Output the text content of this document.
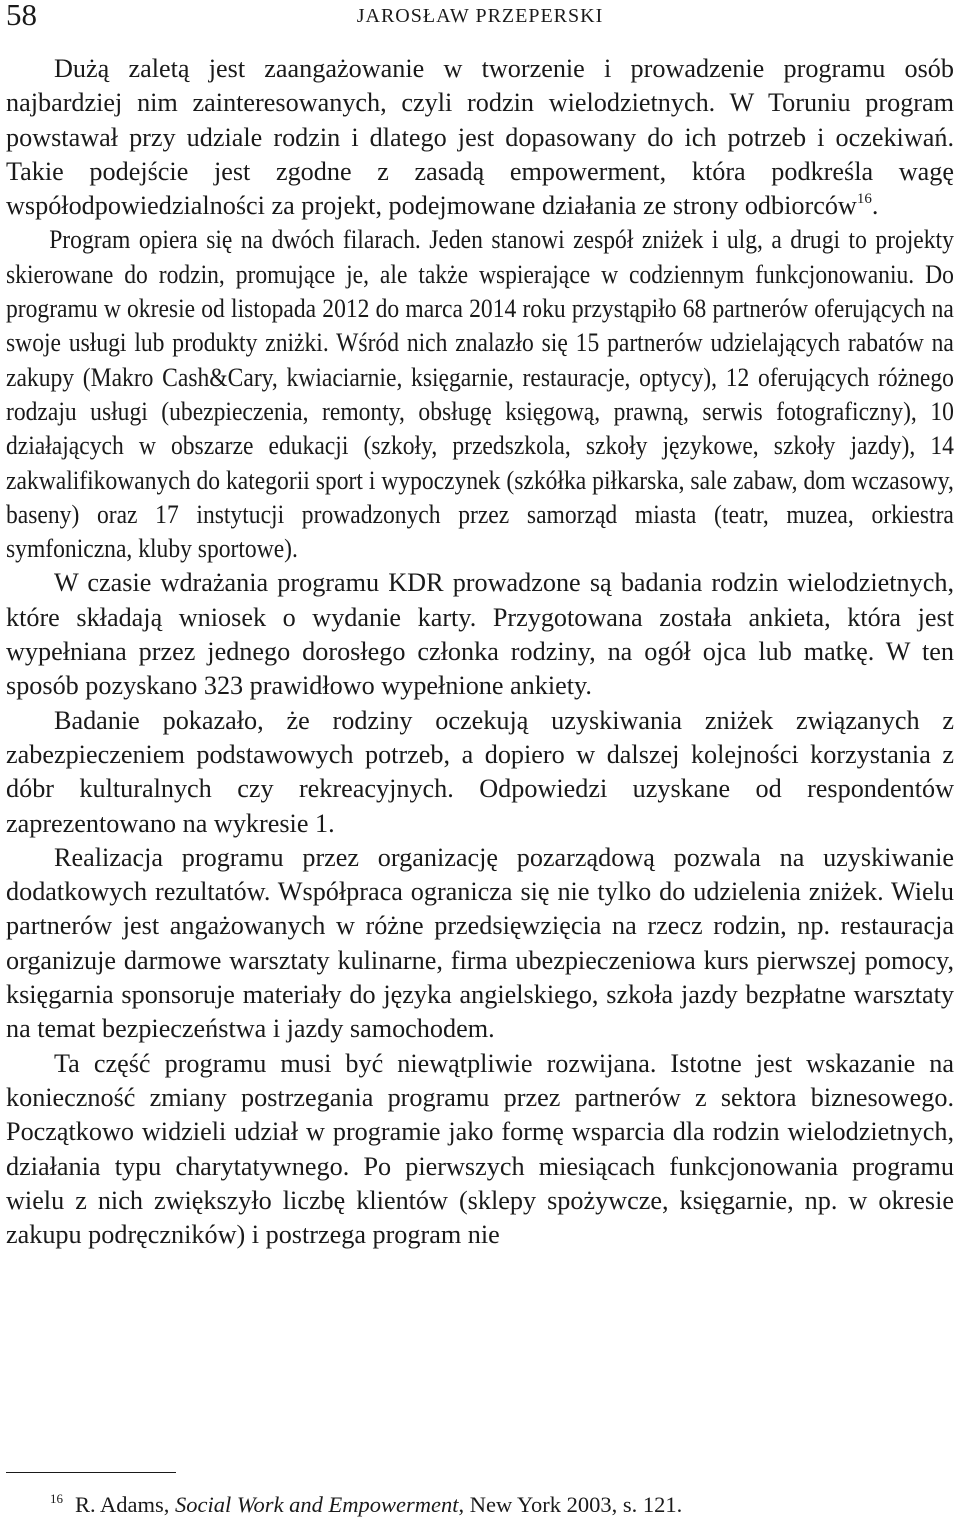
58	JAROSŁAW PRZEPERSKI

Dużą zaletą jest zaangażowanie w tworzenie i prowadzenie programu osób najbardziej nim zainteresowanych, czyli rodzin wielodzietnych. W Toruniu program powstawał przy udziale rodzin i dlatego jest dopasowany do ich potrzeb i oczekiwań. Takie podejście jest zgodne z zasadą empowerment, która podkreśla wagę współodpowiedzialności za projekt, podejmowane działania ze strony odbiorców$^{16}$.

Program opiera się na dwóch filarach. Jeden stanowi zespół zniżek i ulg, a drugi to projekty skierowane do rodzin, promujące je, ale także wspierające w codziennym funkcjonowaniu. Do programu w okresie od listopada 2012 do marca 2014 roku przystąpiło 68 partnerów oferujących na swoje usługi lub produkty zniżki. Wśród nich znalazło się 15 partnerów udzielających rabatów na zakupy (Makro Cash&Cary, kwiaciarnie, księgarnie, restauracje, optycy), 12 oferujących różnego rodzaju usługi (ubezpieczenia, remonty, obsługę księgową, prawną, serwis fotograficzny), 10 działających w obszarze edukacji (szkoły, przedszkola, szkoły językowe, szkoły jazdy), 14 zakwalifikowanych do kategorii sport i wypoczynek (szkółka piłkarska, sale zabaw, dom wczasowy, baseny) oraz 17 instytucji prowadzonych przez samorząd miasta (teatr, muzea, orkiestra symfoniczna, kluby sportowe).

W czasie wdrażania programu KDR prowadzone są badania rodzin wielodzietnych, które składają wniosek o wydanie karty. Przygotowana została ankieta, która jest wypełniana przez jednego dorosłego członka rodziny, na ogół ojca lub matkę. W ten sposób pozyskano 323 prawidłowo wypełnione ankiety.

Badanie pokazało, że rodziny oczekują uzyskiwania zniżek związanych z zabezpieczeniem podstawowych potrzeb, a dopiero w dalszej kolejności korzystania z dóbr kulturalnych czy rekreacyjnych. Odpowiedzi uzyskane od respondentów zaprezentowano na wykresie 1.

Realizacja programu przez organizację pozarządową pozwala na uzyskiwanie dodatkowych rezultatów. Współpraca ogranicza się nie tylko do udzielenia zniżek. Wielu partnerów jest angażowanych w różne przedsięwzięcia na rzecz rodzin, np. restauracja organizuje darmowe warsztaty kulinarne, firma ubezpieczeniowa kurs pierwszej pomocy, księgarnia sponsoruje materiały do języka angielskiego, szkoła jazdy bezpłatne warsztaty na temat bezpieczeństwa i jazdy samochodem.

Ta część programu musi być niewątpliwie rozwijana. Istotne jest wskazanie na konieczność zmiany postrzegania programu przez partnerów z sektora biznesowego. Początkowo widzieli udział w programie jako formę wsparcia dla rodzin wielodzietnych, działania typu charytatywnego. Po pierwszych miesiącach funkcjonowania programu wielu z nich zwiększyło liczbę klientów (sklepy spożywcze, księgarnie, np. w okresie zakupu podręczników) i postrzega program nie

$^{16}$ R. Adams, Social Work and Empowerment, New York 2003, s. 121.
